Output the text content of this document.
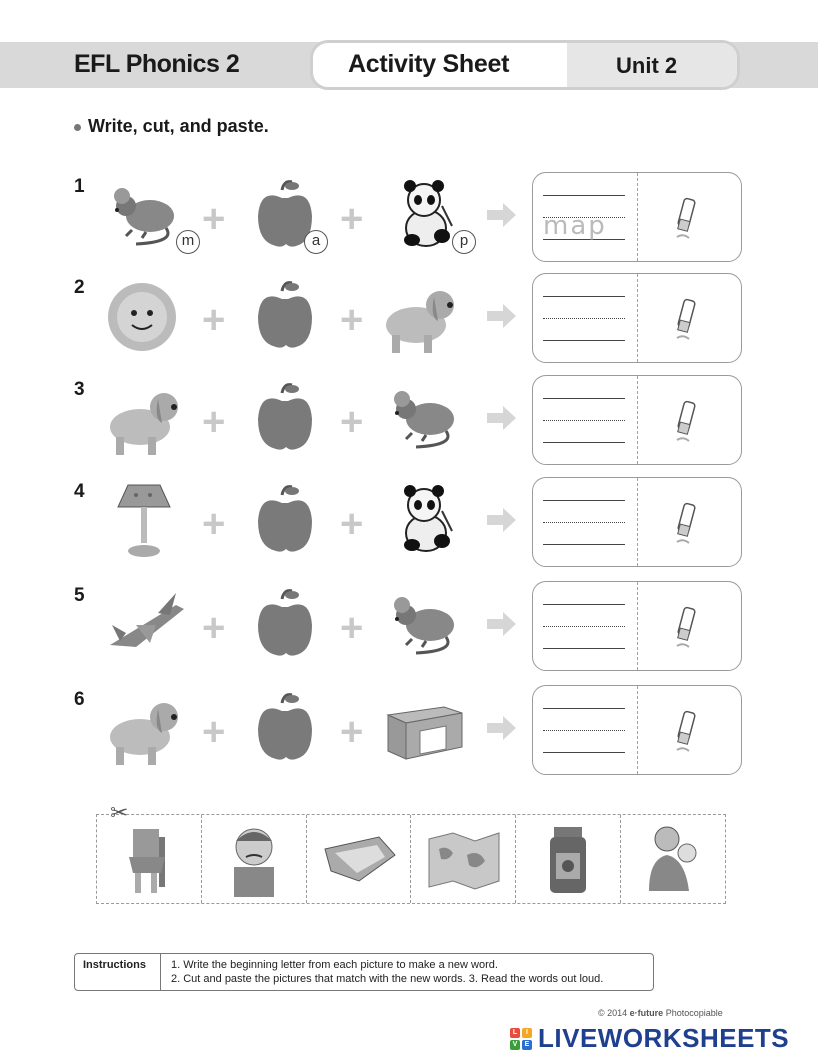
EFL Phonics 2	Activity Sheet	Unit 2
Write, cut, and paste.
1
m +	a +	p	map
2
+	+
3
+	+
4
+	+
5
+	+
6
+	+
✂
Instructions	1. Write the beginning letter from each picture to make a new word.
2. Cut and paste the pictures that match with the new words. 3. Read the words out loud.
© 2014 e·future Photocopiable
L	I
V	E LIVEWORKSHEETS
